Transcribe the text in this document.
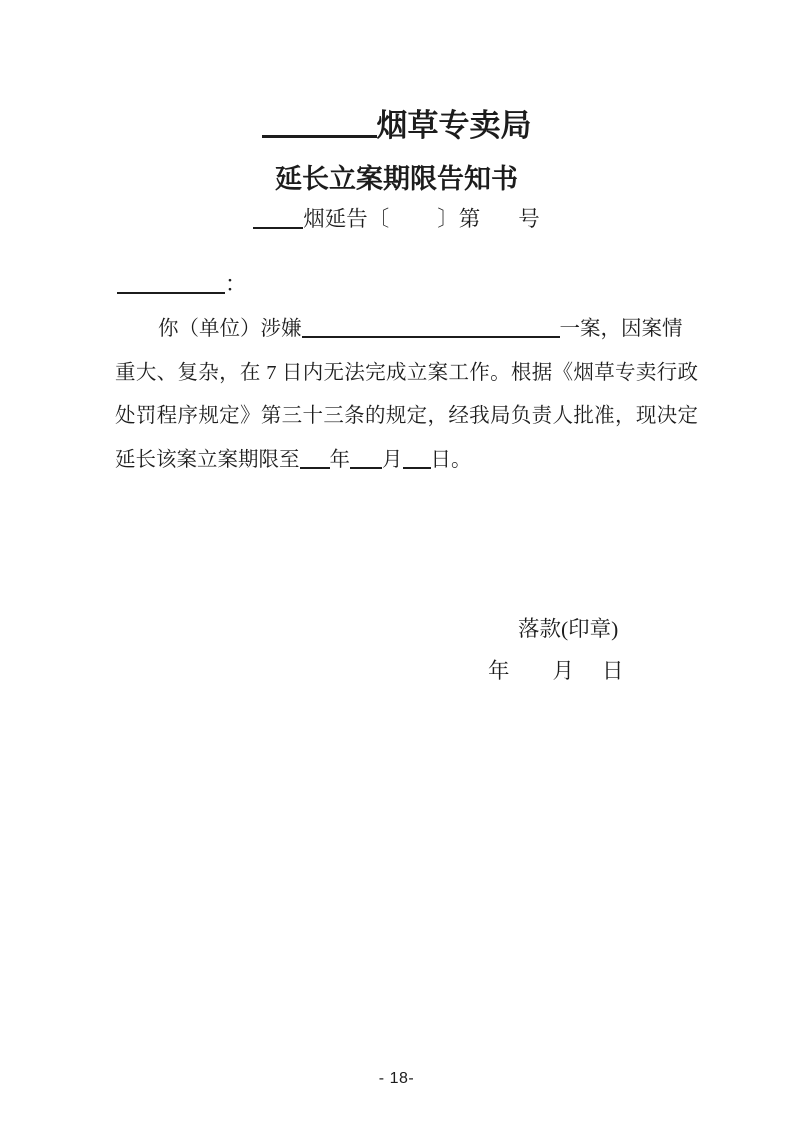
烟草专卖局
延长立案期限告知书
烟延告〔 〕第 号
：
你（单位）涉嫌	一案，因案情
重大、复杂，在 7 日内无法完成立案工作。根据《烟草专卖行政
处罚程序规定》第三十三条的规定，经我局负责人批准，现决定
延长该案立案期限至 年 月 日。
落款(印章)
年 月 日
- 18-
